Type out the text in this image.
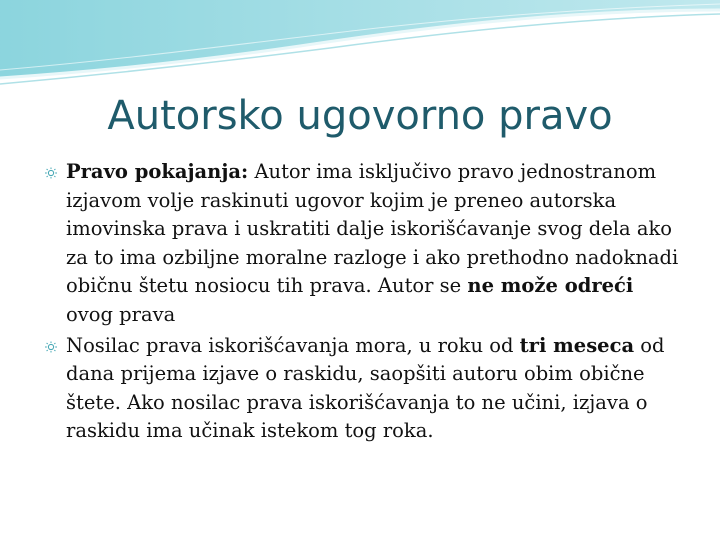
Autorsko ugovorno pravo

Pravo pokajanja: Autor ima isključivo pravo jednostranom izjavom volje raskinuti ugovor kojim je preneo autorska imovinska prava i uskratiti dalje iskorišćavanje svog dela ako za to ima ozbiljne moralne razloge i ako prethodno nadoknadi običnu štetu nosiocu tih prava. Autor se ne može odreći ovog prava

Nosilac prava iskorišćavanja mora, u roku od tri meseca od dana prijema izjave o raskidu, saopšiti autoru obim obične štete. Ako nosilac prava iskorišćavanja to ne učini, izjava o raskidu ima učinak istekom tog roka.
